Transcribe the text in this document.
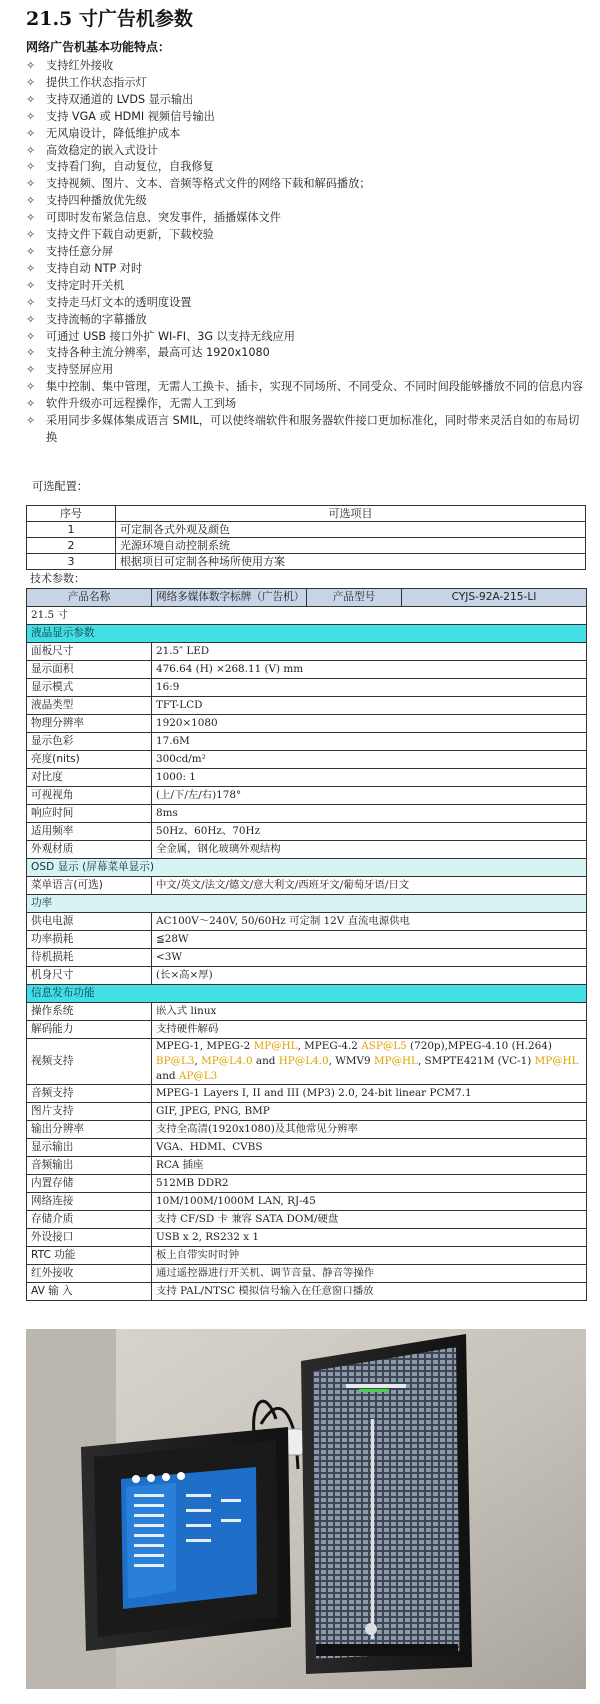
21.5 寸广告机参数
网络广告机基本功能特点：
✧ 支持红外接收
✧ 提供工作状态指示灯
✧ 支持双通道的 LVDS 显示输出
✧ 支持 VGA 或 HDMI 视频信号输出
✧ 无风扇设计，降低维护成本
✧ 高效稳定的嵌入式设计
✧ 支持看门狗，自动复位，自我修复
✧ 支持视频、图片、文本、音频等格式文件的网络下载和解码播放；
✧ 支持四种播放优先级
✧ 可即时发布紧急信息、突发事件，插播媒体文件
✧ 支持文件下载自动更新，下载校验
✧ 支持任意分屏
✧ 支持自动 NTP 对时
✧ 支持定时开关机
✧ 支持走马灯文本的透明度设置
✧ 支持流畅的字幕播放
✧ 可通过 USB 接口外扩 WI-FI、3G 以支持无线应用
✧ 支持各种主流分辨率，最高可达 1920x1080
✧ 支持竖屏应用
✧ 集中控制、集中管理，无需人工换卡、插卡，实现不同场所、不同受众、不同时间段能够播放不同的信息内容
✧ 软件升级亦可远程操作，无需人工到场
✧ 采用同步多媒体集成语言 SMIL，可以使终端软件和服务器软件接口更加标准化，同时带来灵活自如的布局切换
可选配置：
序号	可选项目
1	可定制各式外观及颜色
2	光源环境自动控制系统
3	根据项目可定制各种场所使用方案
技术参数：
产品名称	网络多媒体数字标牌（广告机）	产品型号	CYJS-92A-215-LI
21.5 寸			
液晶显示参数			
面板尺寸	21.5″ LED		
显示面积	476.64 (H) ×268.11 (V) mm		
显示模式	16:9		
液晶类型	TFT-LCD		
物理分辨率	1920×1080		
显示色彩	17.6M		
亮度(nits)	300cd/m²		
对比度	1000: 1		
可视视角	(上/下/左/右)178°		
响应时间	8ms		
适用频率	50Hz、60Hz、70Hz		
外观材质	全金属，钢化玻璃外观结构		
OSD 显示 (屏幕菜单显示)			
菜单语言(可选)	中文/英文/法文/德文/意大利文/西班牙文/葡萄牙语/日文		
功率			
供电电源	AC100V～240V, 50/60Hz 可定制 12V 直流电源供电		
功率损耗	≦28W		
待机损耗	<3W		
机身尺寸	(长×高×厚)		
信息发布功能			
操作系统	嵌入式 linux		
解码能力	支持硬件解码		
视频支持	MPEG-1, MPEG-2 MP@HL, MPEG-4.2 ASP@L5 (720p),MPEG-4.10 (H.264) BP@L3, MP@L4.0 and HP@L4.0, WMV9 MP@HL, SMPTE421M (VC-1) MP@HL and AP@L3		
音频支持	MPEG-1 Layers I, II and III (MP3) 2.0, 24-bit linear PCM7.1		
图片支持	GIF, JPEG, PNG, BMP		
输出分辨率	支持全高清(1920x1080)及其他常见分辨率		
显示输出	VGA、HDMI、CVBS		
音频输出	RCA 插座		
内置存储	512MB DDR2		
网络连接	10M/100M/1000M LAN, RJ-45		
存储介质	支持 CF/SD 卡 兼容 SATA DOM/硬盘		
外设接口	USB x 2, RS232 x 1		
RTC 功能	板上自带实时时钟		
红外接收	通过遥控器进行开关机、调节音量、静音等操作		
AV 输 入	支持 PAL/NTSC 模拟信号输入在任意窗口播放		
